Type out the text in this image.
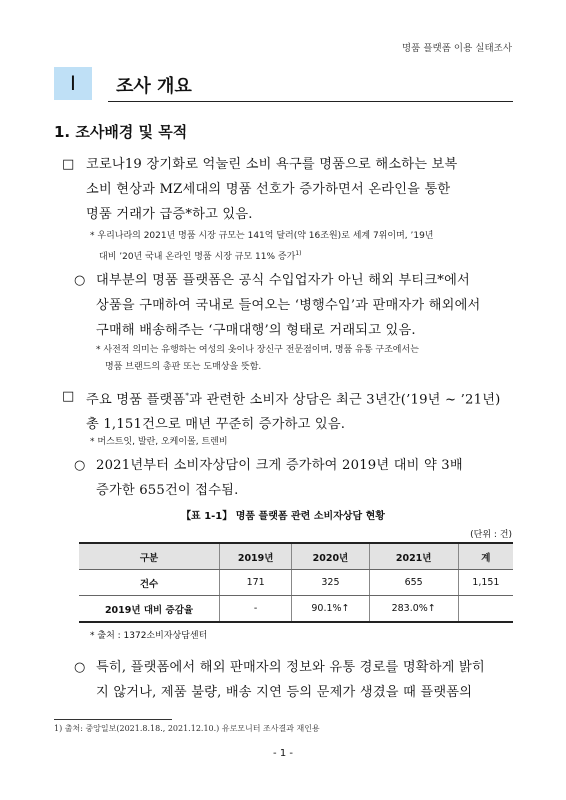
명품 플랫폼 이용 실태조사
Ⅰ 조사 개요
1. 조사배경 및 목적
□ 코로나19 장기화로 억눌린 소비 욕구를 명품으로 해소하는 보복
소비 현상과 MZ세대의 명품 선호가 증가하면서 온라인을 통한
명품 거래가 급증*하고 있음.
* 우리나라의 2021년 명품 시장 규모는 141억 달러(약 16조원)로 세계 7위이며, ’19년
대비 ’20년 국내 온라인 명품 시장 규모 11% 증가$^{1)}$
○ 대부분의 명품 플랫폼은 공식 수입업자가 아닌 해외 부티크*에서
상품을 구매하여 국내로 들여오는 ‘병행수입’과 판매자가 해외에서
구매해 배송해주는 ‘구매대행’의 형태로 거래되고 있음.
* 사전적 의미는 유행하는 여성의 옷이나 장신구 전문점이며, 명품 유통 구조에서는
명품 브랜드의 총판 또는 도매상을 뜻함.
□ 주요 명품 플랫폼*과 관련한 소비자 상담은 최근 3년간(’19년 ~ ’21년)
총 1,151건으로 매년 꾸준히 증가하고 있음.
* 머스트잇, 발란, 오케이몰, 트렌비
○ 2021년부터 소비자상담이 크게 증가하여 2019년 대비 약 3배
증가한 655건이 접수됨.
【표 1-1】 명품 플랫폼 관련 소비자상담 현황
(단위 : 건)
구분	2019년	2020년	2021년	계
건수	171	325	655	1,151
2019년 대비 증감율	-	90.1%↑	283.0%↑	
* 출처 : 1372소비자상담센터
○ 특히, 플랫폼에서 해외 판매자의 정보와 유통 경로를 명확하게 밝히
지 않거나, 제품 불량, 배송 지연 등의 문제가 생겼을 때 플랫폼의
1) 출처: 중앙일보(2021.8.18., 2021.12.10.) 유로모니터 조사결과 재인용
- 1 -
